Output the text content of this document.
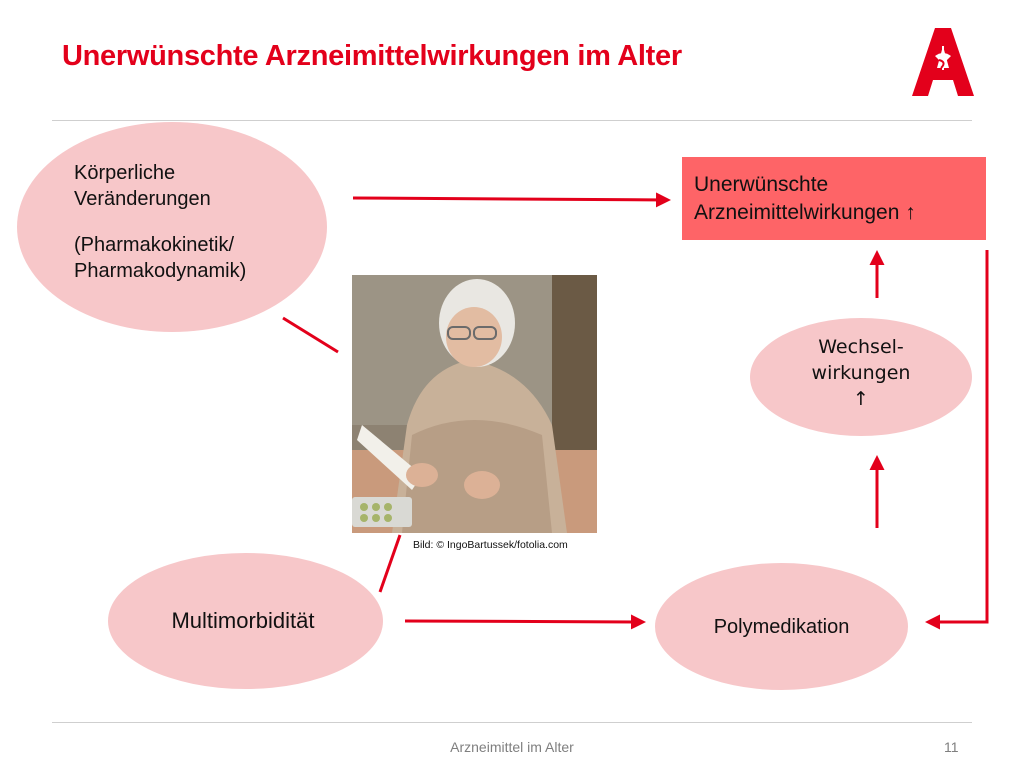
Unerwünschte Arzneimittelwirkungen im Alter
Körperliche
Veränderungen
(Pharmakokinetik/
Pharmakodynamik)
Unerwünschte
Arzneimittelwirkungen ↑
Wechsel-
wirkungen
↑
Multimorbidität	Polymedikation
Bild: © IngoBartussek/fotolia.com
Arzneimittel im Alter	11
